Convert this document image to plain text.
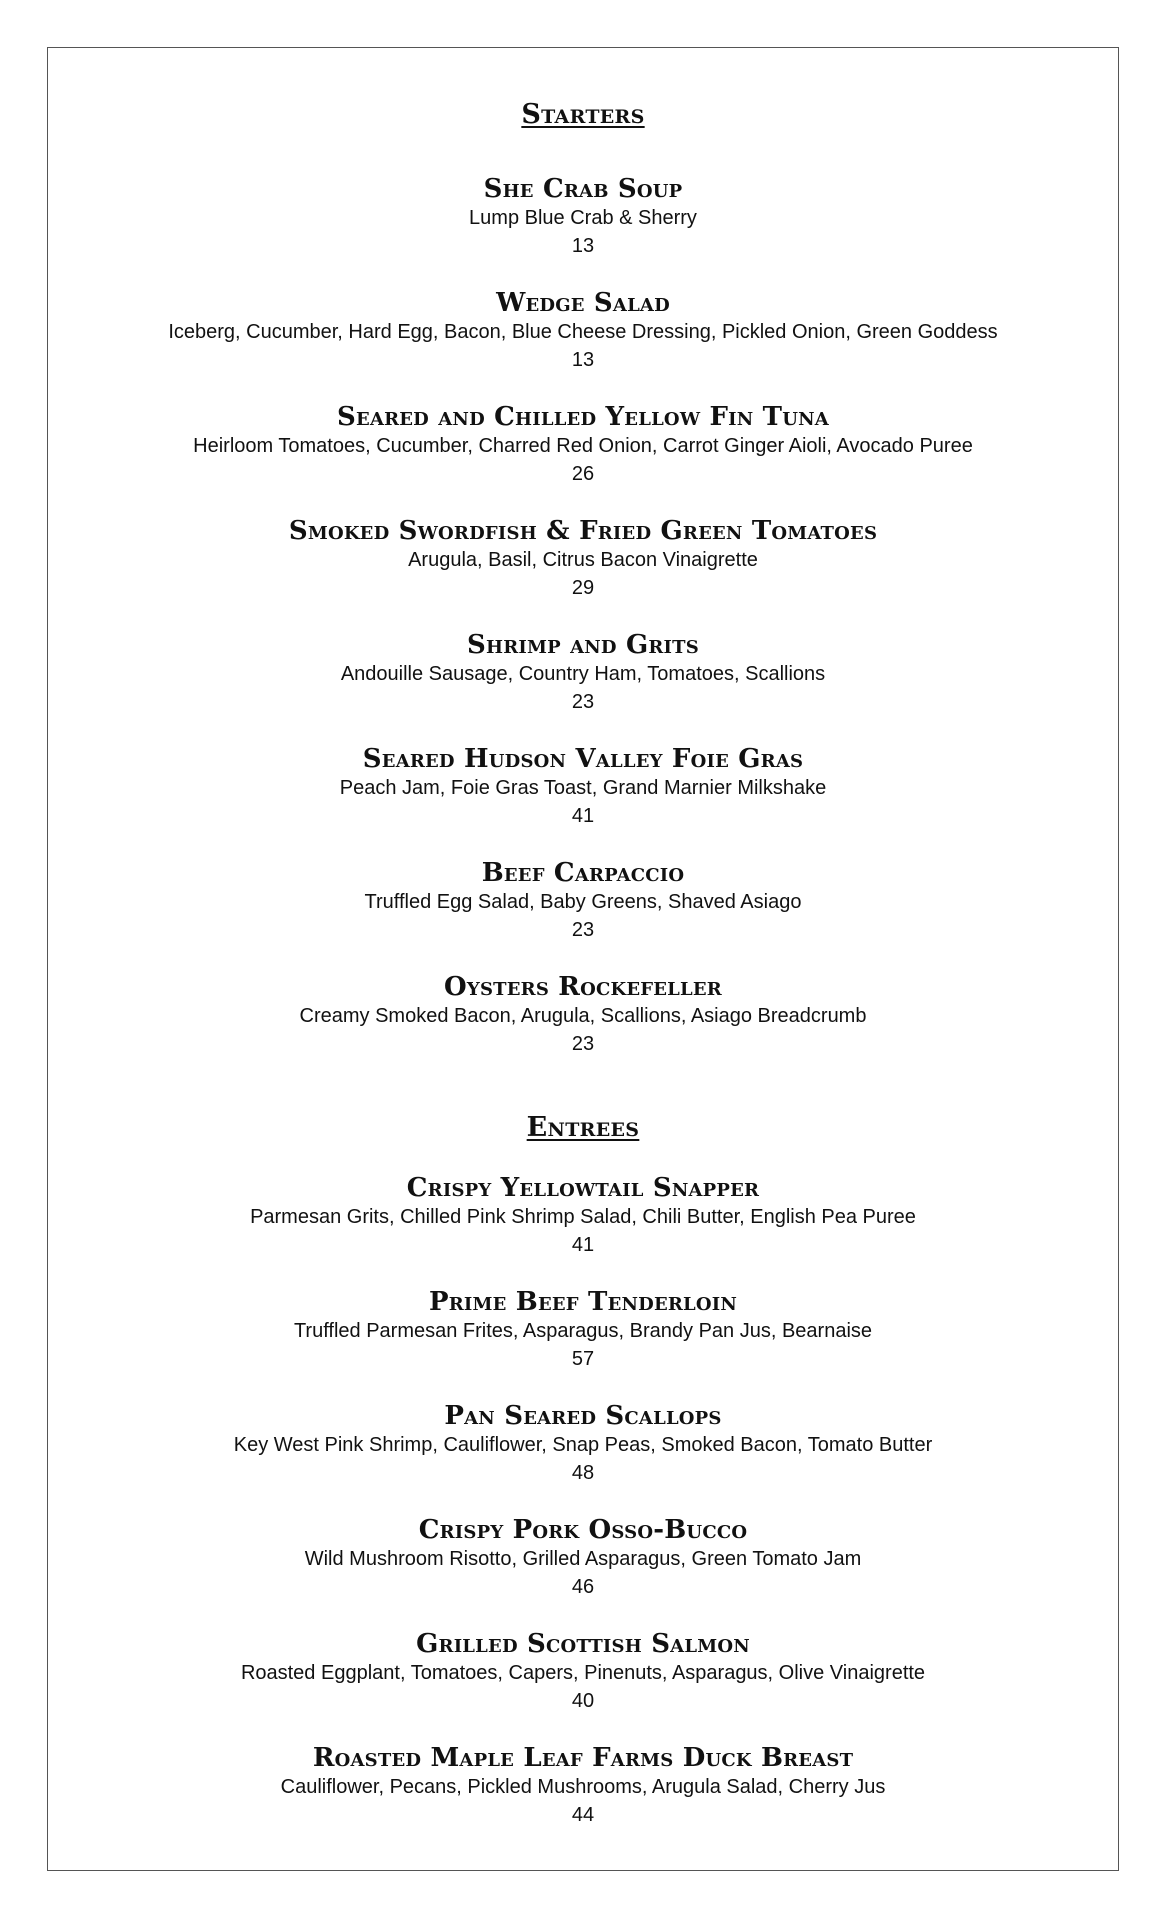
Starters
She Crab Soup
Lump Blue Crab & Sherry
13
Wedge Salad
Iceberg, Cucumber, Hard Egg, Bacon, Blue Cheese Dressing, Pickled Onion, Green Goddess
13
Seared and Chilled Yellow Fin Tuna
Heirloom Tomatoes, Cucumber, Charred Red Onion, Carrot Ginger Aioli, Avocado Puree
26
Smoked Swordfish & Fried Green Tomatoes
Arugula, Basil, Citrus Bacon Vinaigrette
29
Shrimp and Grits
Andouille Sausage, Country Ham, Tomatoes, Scallions
23
Seared Hudson Valley Foie Gras
Peach Jam, Foie Gras Toast, Grand Marnier Milkshake
41
Beef Carpaccio
Truffled Egg Salad, Baby Greens, Shaved Asiago
23
Oysters Rockefeller
Creamy Smoked Bacon, Arugula, Scallions, Asiago Breadcrumb
23
Entrees
Crispy Yellowtail Snapper
Parmesan Grits, Chilled Pink Shrimp Salad, Chili Butter, English Pea Puree
41
Prime Beef Tenderloin
Truffled Parmesan Frites, Asparagus, Brandy Pan Jus, Bearnaise
57
Pan Seared Scallops
Key West Pink Shrimp, Cauliflower, Snap Peas, Smoked Bacon, Tomato Butter
48
Crispy Pork Osso-Bucco
Wild Mushroom Risotto, Grilled Asparagus, Green Tomato Jam
46
Grilled Scottish Salmon
Roasted Eggplant, Tomatoes, Capers, Pinenuts, Asparagus, Olive Vinaigrette
40
Roasted Maple Leaf Farms Duck Breast
Cauliflower, Pecans, Pickled Mushrooms, Arugula Salad, Cherry Jus
44
